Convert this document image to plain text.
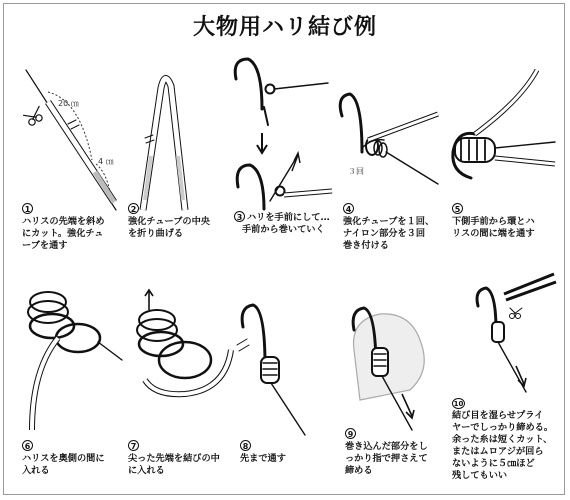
大物用ハリ結び例
20 ㎝
4 ㎝
1
ハリスの先端を斜め
にカット。強化チュ
ーブを通す
2
強化チューブの中央
を折り曲げる
3 ハリを手前にして…
手前から巻いていく
３回
4
強化チューブを１回、
ナイロン部分を３回
巻き付ける
5
下側手前から環とハ
リスの間に端を通す
6
ハリスを奥側の間に
入れる
7
尖った先端を結びの中
に入れる
8
先まで通す
9
巻き込んだ部分をし
っかり指で押さえて
締める
10
結び目を湿らせプライ
ヤーでしっかり締める。
余った糸は短くカット、
またはムロアジが回ら
ないように５㎝ほど
残してもいい
